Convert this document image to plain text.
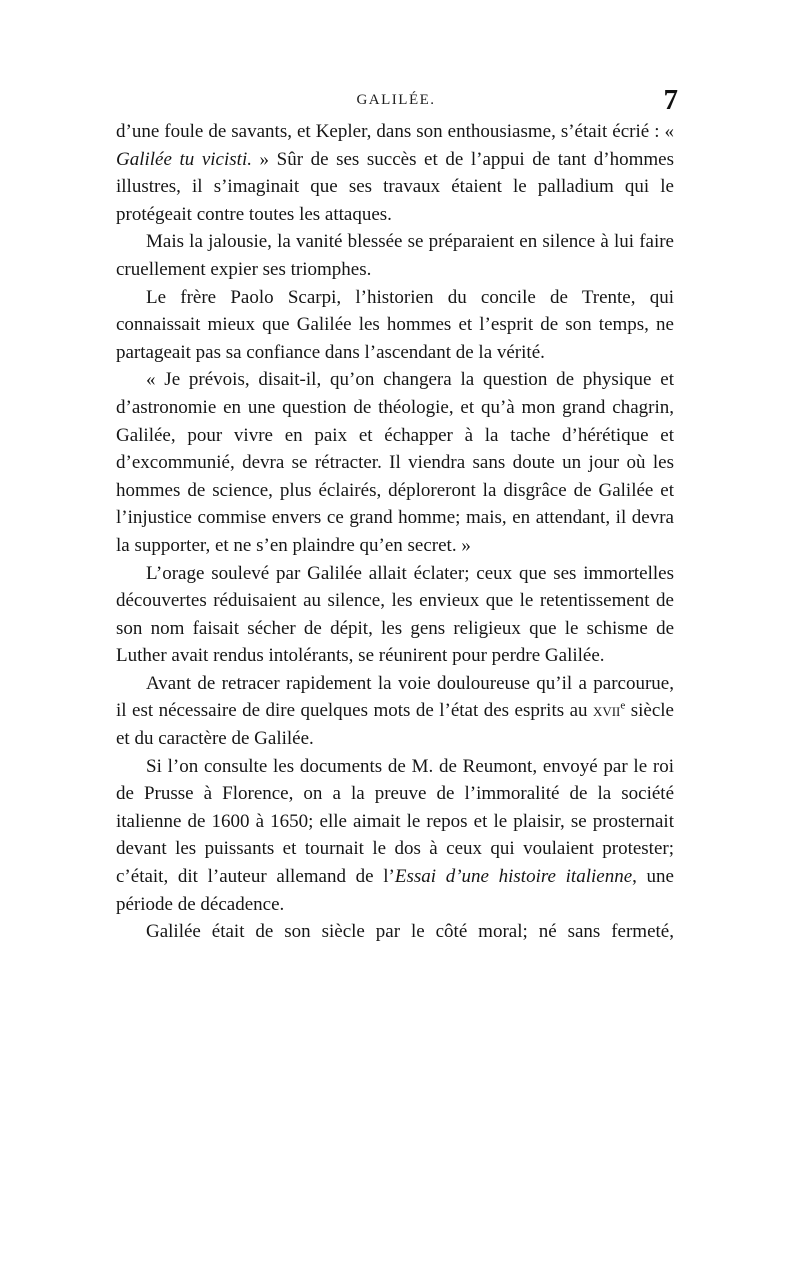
GALILÉE.	7

d’une foule de savants, et Kepler, dans son enthousiasme, s’était écrié : « Galilée tu vicisti. » Sûr de ses succès et de l’appui de tant d’hommes illustres, il s’imaginait que ses travaux étaient le palladium qui le protégeait contre toutes les attaques.

Mais la jalousie, la vanité blessée se préparaient en silence à lui faire cruellement expier ses triomphes.

Le frère Paolo Scarpi, l’historien du concile de Trente, qui connaissait mieux que Galilée les hommes et l’esprit de son temps, ne partageait pas sa confiance dans l’ascendant de la vérité.

« Je prévois, disait-il, qu’on changera la question de physique et d’astronomie en une question de théologie, et qu’à mon grand chagrin, Galilée, pour vivre en paix et échapper à la tache d’hérétique et d’excommunié, devra se rétracter. Il viendra sans doute un jour où les hommes de science, plus éclairés, déploreront la disgrâce de Galilée et l’injustice commise envers ce grand homme; mais, en attendant, il devra la supporter, et ne s’en plaindre qu’en secret. »

L’orage soulevé par Galilée allait éclater; ceux que ses immortelles découvertes réduisaient au silence, les envieux que le retentissement de son nom faisait sécher de dépit, les gens religieux que le schisme de Luther avait rendus intolérants, se réunirent pour perdre Galilée.

Avant de retracer rapidement la voie douloureuse qu’il a parcourue, il est nécessaire de dire quelques mots de l’état des esprits au xvii$^e$ siècle et du caractère de Galilée.

Si l’on consulte les documents de M. de Reumont, envoyé par le roi de Prusse à Florence, on a la preuve de l’immoralité de la société italienne de 1600 à 1650; elle aimait le repos et le plaisir, se prosternait devant les puissants et tournait le dos à ceux qui voulaient protester; c’était, dit l’auteur allemand de l’Essai d’une histoire italienne, une période de décadence.

Galilée était de son siècle par le côté moral; né sans fermeté,
